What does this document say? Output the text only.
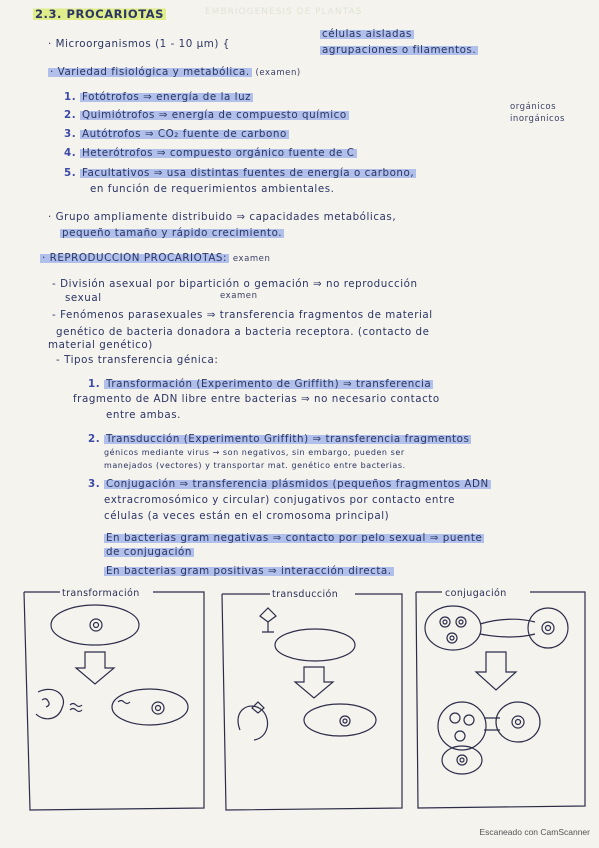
EMBRIOGENESIS DE PLANTAS
2.3. PROCARIOTAS
· Microorganismos (1 - 10 µm) {
células aisladas
agrupaciones o filamentos.
· Variedad fisiológica y metabólica. (examen)
1. Fotótrofos ⇒ energía de la luz
2. Quimiótrofos ⇒ energía de compuesto químico
orgánicos
inorgánicos
3. Autótrofos ⇒ CO₂ fuente de carbono
4. Heterótrofos ⇒ compuesto orgánico fuente de C
5. Facultativos ⇒ usa distintas fuentes de energía o carbono,
en función de requerimientos ambientales.
· Grupo ampliamente distribuido ⇒ capacidades metabólicas,
pequeño tamaño y rápido crecimiento.
· REPRODUCCIÓN PROCARIOTAS: examen
- División asexual por bipartición o gemación ⇒ no reproducción
sexual	examen
- Fenómenos parasexuales ⇒ transferencia fragmentos de material
genético de bacteria donadora a bacteria receptora. (contacto de
material genético)
- Tipos transferencia génica:
1. Transformación (Experimento de Griffith) ⇒ transferencia
fragmento de ADN libre entre bacterias ⇒ no necesario contacto
entre ambas.
2. Transducción (Experimento Griffith) ⇒ transferencia fragmentos
génicos mediante virus → son negativos, sin embargo, pueden ser
manejados (vectores) y transportar mat. genético entre bacterias.
3. Conjugación ⇒ transferencia plásmidos (pequeños fragmentos ADN
extracromosómico y circular) conjugativos por contacto entre
células (a veces están en el cromosoma principal)
En bacterias gram negativas ⇒ contacto por pelo sexual ⇒ puente
de conjugación
En bacterias gram positivas ⇒ interacción directa.
transformación	transducción	conjugación
Escaneado con CamScanner
